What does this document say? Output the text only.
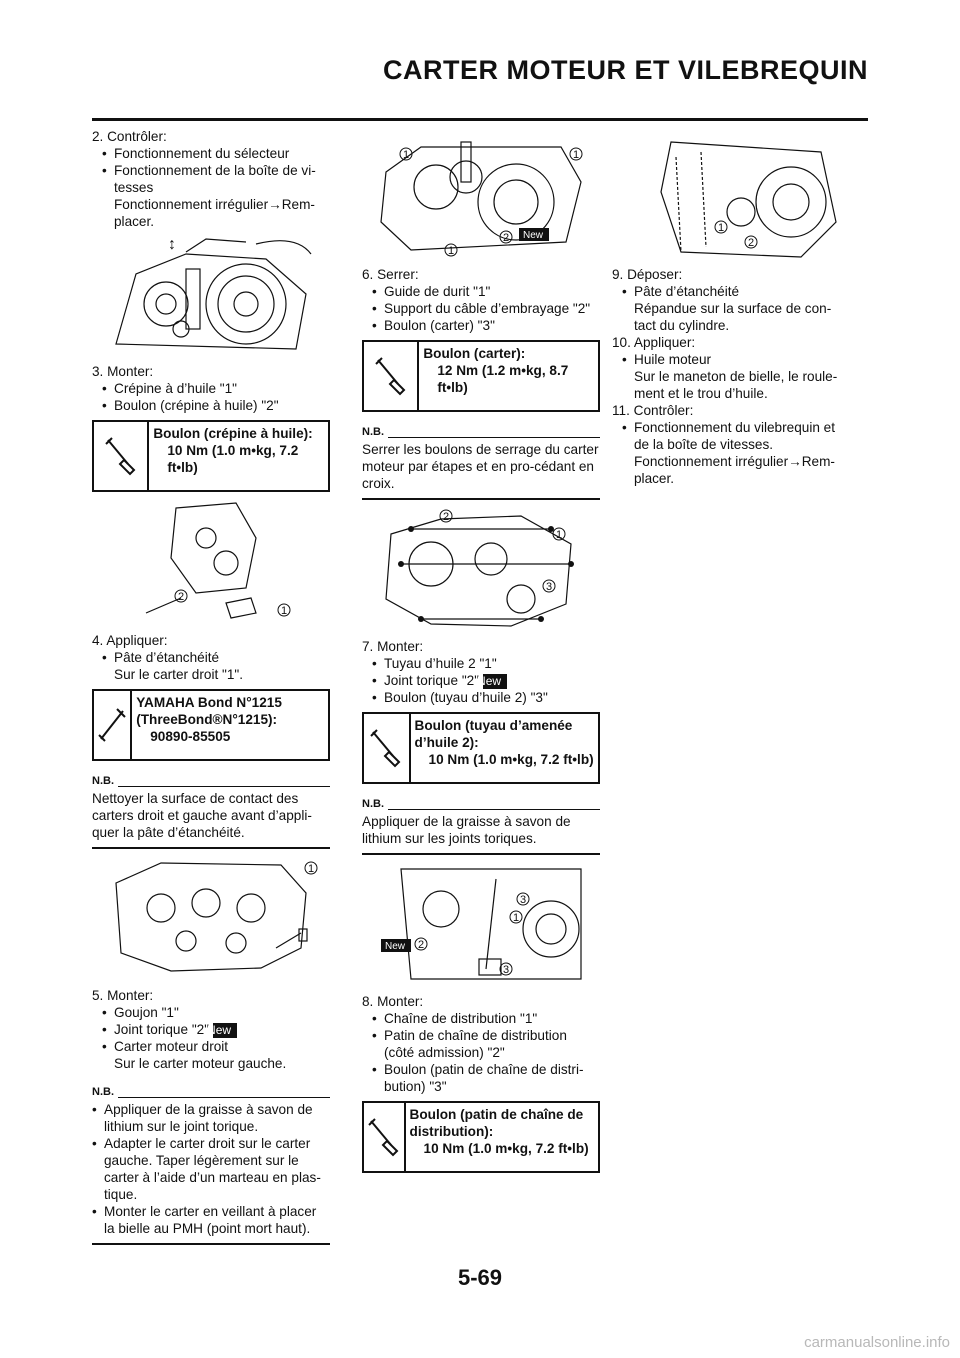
CARTER MOTEUR ET VILEBREQUIN
2. Contrôler:
• Fonctionnement du sélecteur
• Fonctionnement de la boîte de vi-tesses
Fonctionnement irrégulier→Rem-placer.
↕
3. Monter:
• Crépine à d’huile "1"
• Boulon (crépine à huile) "2"
Boulon (crépine à huile):
10 Nm (1.0 m•kg, 7.2 ft•lb)
2
1
4. Appliquer:
• Pâte d’étanchéité
Sur le carter droit "1".
YAMAHA Bond N°1215 (ThreeBond®N°1215):
90890-85505
N.B.
Nettoyer la surface de contact des carters droit et gauche avant d’appli-quer la pâte d’étanchéité.
1
5. Monter:
• Goujon "1"
• Joint torique "2"New
• Carter moteur droit
Sur le carter moteur gauche.
N.B.
• Appliquer de la graisse à savon de lithium sur le joint torique.
• Adapter le carter droit sur le carter gauche. Taper légèrement sur le carter à l’aide d’un marteau en plas-tique.
• Monter le carter en veillant à placer la bielle au PMH (point mort haut).
1	1
1
2 New
6. Serrer:
• Guide de durit "1"
• Support du câble d’embrayage "2"
• Boulon (carter) "3"
Boulon (carter):
12 Nm (1.2 m•kg, 8.7 ft•lb)
N.B.
Serrer les boulons de serrage du carter moteur par étapes et en pro-cédant en croix.
2
1
3
7. Monter:
• Tuyau d’huile 2 "1"
• Joint torique "2"New
• Boulon (tuyau d’huile 2) "3"
Boulon (tuyau d’amenée d’huile 2):
10 Nm (1.0 m•kg, 7.2 ft•lb)
N.B.
Appliquer de la graisse à savon de lithium sur les joints toriques.
3
1
2
3
New
8. Monter:
• Chaîne de distribution "1"
• Patin de chaîne de distribution (côté admission) "2"
• Boulon (patin de chaîne de distri-bution) "3"
Boulon (patin de chaîne de distribution):
10 Nm (1.0 m•kg, 7.2 ft•lb)
1
2
9. Déposer:
• Pâte d’étanchéité
Répandue sur la surface de con-tact du cylindre.
10. Appliquer:
• Huile moteur
Sur le maneton de bielle, le roule-ment et le trou d’huile.
11. Contrôler:
• Fonctionnement du vilebrequin et de la boîte de vitesses.
Fonctionnement irrégulier→Rem-placer.
5-69
carmanualsonline.info
